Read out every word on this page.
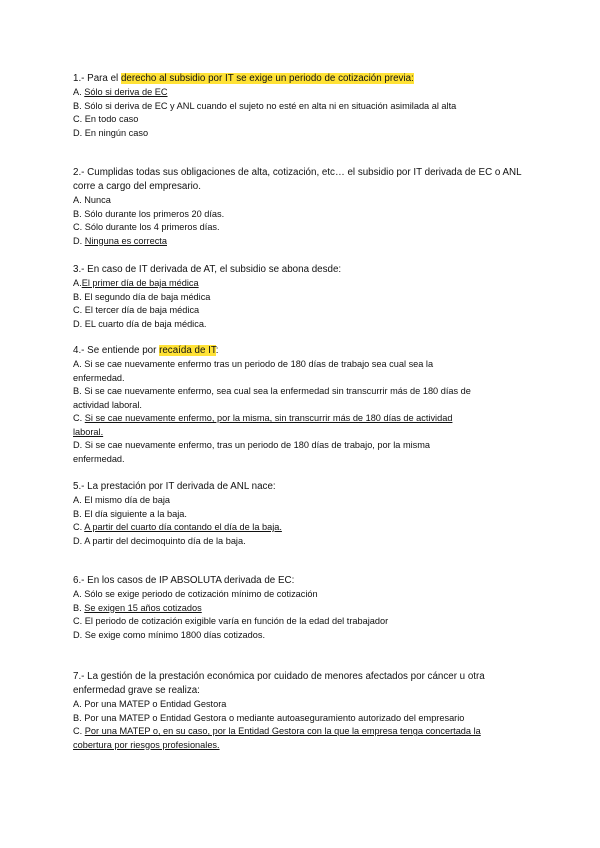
1.- Para el derecho al subsidio por IT se exige un periodo de cotización previa:

A. Sólo si deriva de EC

B. Sólo si deriva de EC y ANL cuando el sujeto no esté en alta ni en situación asimilada al alta

C. En todo caso

D. En ningún caso

2.- Cumplidas todas sus obligaciones de alta, cotización, etc… el subsidio por IT derivada de EC o ANL corre a cargo del empresario.

A. Nunca

B. Sólo durante los primeros 20 días.

C. Sólo durante los 4 primeros días.

D. Ninguna es correcta

3.- En caso de IT derivada de AT, el subsidio se abona desde:

A.El primer día de baja médica

B. El segundo día de baja médica

C. El tercer día de baja médica

D. EL cuarto día de baja médica.

4.- Se entiende por recaída de IT:

A. Si se cae nuevamente enfermo tras un periodo de 180 días de trabajo sea cual sea la enfermedad.

B. Si se cae nuevamente enfermo, sea cual sea la enfermedad sin transcurrir más de 180 días de actividad laboral.

C. Si se cae nuevamente enfermo, por la misma, sin transcurrir más de 180 días de actividad laboral.

D. Si se cae nuevamente enfermo, tras un periodo de 180 días de trabajo, por la misma enfermedad.

5.- La prestación por IT derivada de ANL nace:

A. El mismo día de baja

B. El día siguiente a la baja.

C. A partir del cuarto día contando el día de la baja.

D. A partir del decimoquinto día de la baja.

6.- En los casos de IP ABSOLUTA derivada de EC:

A. Sólo se exige periodo de cotización mínimo de cotización

B. Se exigen 15 años cotizados

C. El periodo de cotización exigible varía en función de la edad del trabajador

D. Se exige como mínimo 1800 días cotizados.

7.- La gestión de la prestación económica por cuidado de menores afectados por cáncer u otra enfermedad grave se realiza:

A. Por una MATEP o Entidad Gestora

B. Por una MATEP o Entidad Gestora o mediante autoaseguramiento autorizado del empresario

C. Por una MATEP o, en su caso, por la Entidad Gestora con la que la empresa tenga concertada la cobertura por riesgos profesionales.
